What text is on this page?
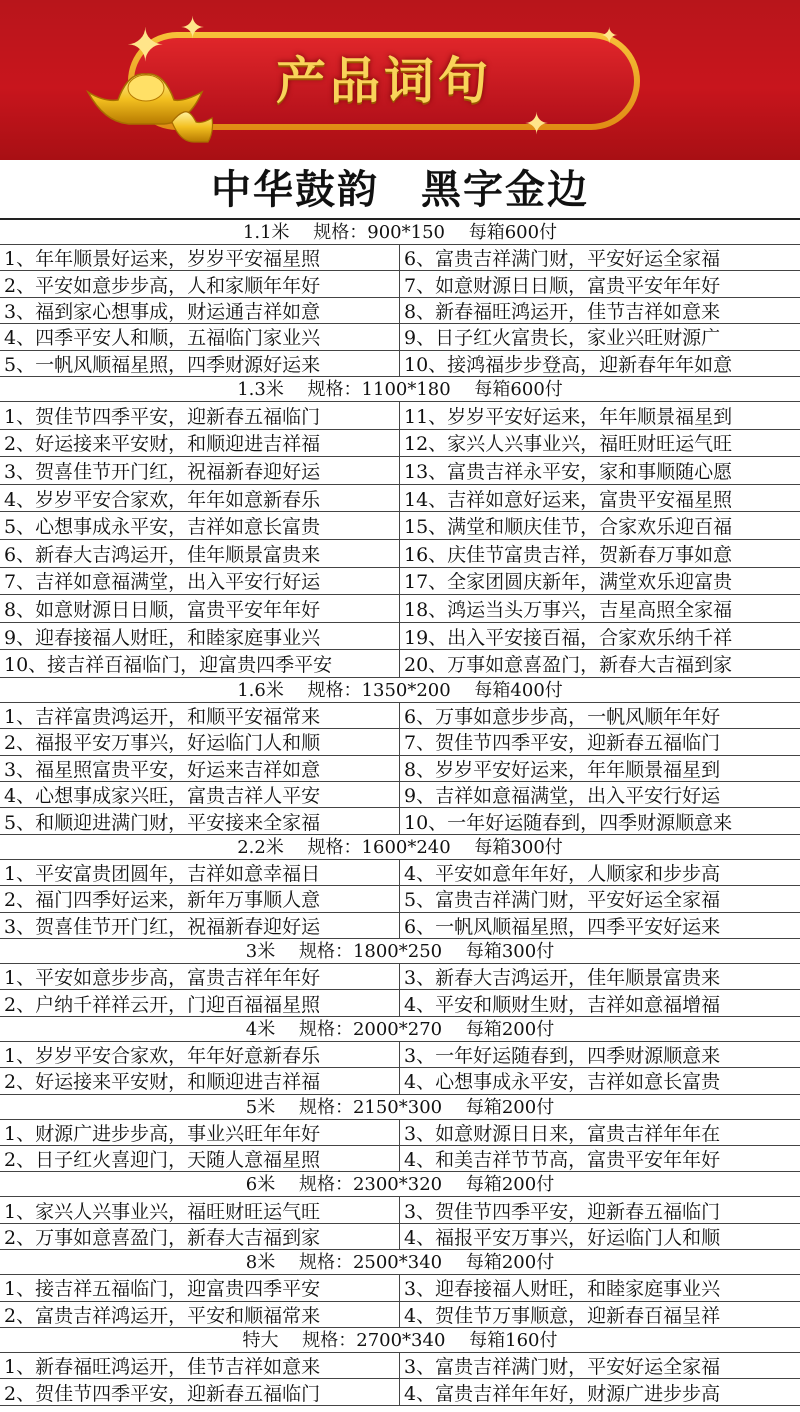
✦ ✦
✦
✦
产品词句
中华鼓韵　黑字金边
1.1米　 规格：900*150　 每箱600付
1、年年顺景好运来，岁岁平安福星照	6、富贵吉祥满门财，平安好运全家福
2、平安如意步步高，人和家顺年年好	7、如意财源日日顺，富贵平安年年好
3、福到家心想事成，财运通吉祥如意	8、新春福旺鸿运开，佳节吉祥如意来
4、四季平安人和顺，五福临门家业兴	9、日子红火富贵长，家业兴旺财源广
5、一帆风顺福星照，四季财源好运来	10、接鸿福步步登高，迎新春年年如意
1.3米　 规格：1100*180　 每箱600付
1、贺佳节四季平安，迎新春五福临门	11、岁岁平安好运来，年年顺景福星到
2、好运接来平安财，和顺迎进吉祥福	12、家兴人兴事业兴，福旺财旺运气旺
3、贺喜佳节开门红，祝福新春迎好运	13、富贵吉祥永平安，家和事顺随心愿
4、岁岁平安合家欢，年年如意新春乐	14、吉祥如意好运来，富贵平安福星照
5、心想事成永平安，吉祥如意长富贵	15、满堂和顺庆佳节，合家欢乐迎百福
6、新春大吉鸿运开，佳年顺景富贵来	16、庆佳节富贵吉祥，贺新春万事如意
7、吉祥如意福满堂，出入平安行好运	17、全家团圆庆新年，满堂欢乐迎富贵
8、如意财源日日顺，富贵平安年年好	18、鸿运当头万事兴，吉星高照全家福
9、迎春接福人财旺，和睦家庭事业兴	19、出入平安接百福，合家欢乐纳千祥
10、接吉祥百福临门，迎富贵四季平安	20、万事如意喜盈门，新春大吉福到家
1.6米　 规格：1350*200　 每箱400付
1、吉祥富贵鸿运开，和顺平安福常来	6、万事如意步步高，一帆风顺年年好
2、福报平安万事兴，好运临门人和顺	7、贺佳节四季平安，迎新春五福临门
3、福星照富贵平安，好运来吉祥如意	8、岁岁平安好运来，年年顺景福星到
4、心想事成家兴旺，富贵吉祥人平安	9、吉祥如意福满堂，出入平安行好运
5、和顺迎进满门财，平安接来全家福	10、一年好运随春到，四季财源顺意来
2.2米　 规格：1600*240　 每箱300付
1、平安富贵团圆年，吉祥如意幸福日	4、平安如意年年好，人顺家和步步高
2、福门四季好运来，新年万事顺人意	5、富贵吉祥满门财，平安好运全家福
3、贺喜佳节开门红，祝福新春迎好运	6、一帆风顺福星照，四季平安好运来
3米　 规格：1800*250　 每箱300付
1、平安如意步步高，富贵吉祥年年好	3、新春大吉鸿运开，佳年顺景富贵来
2、户纳千祥祥云开，门迎百福福星照	4、平安和顺财生财，吉祥如意福增福
4米　 规格：2000*270　 每箱200付
1、岁岁平安合家欢，年年好意新春乐	3、一年好运随春到，四季财源顺意来
2、好运接来平安财，和顺迎进吉祥福	4、心想事成永平安，吉祥如意长富贵
5米　 规格：2150*300　 每箱200付
1、财源广进步步高，事业兴旺年年好	3、如意财源日日来，富贵吉祥年年在
2、日子红火喜迎门，天随人意福星照	4、和美吉祥节节高，富贵平安年年好
6米　 规格：2300*320　 每箱200付
1、家兴人兴事业兴，福旺财旺运气旺	3、贺佳节四季平安，迎新春五福临门
2、万事如意喜盈门，新春大吉福到家	4、福报平安万事兴，好运临门人和顺
8米　 规格：2500*340　 每箱200付
1、接吉祥五福临门，迎富贵四季平安	3、迎春接福人财旺，和睦家庭事业兴
2、富贵吉祥鸿运开，平安和顺福常来	4、贺佳节万事顺意，迎新春百福呈祥
特大　 规格：2700*340　 每箱160付
1、新春福旺鸿运开，佳节吉祥如意来	3、富贵吉祥满门财，平安好运全家福
2、贺佳节四季平安，迎新春五福临门	4、富贵吉祥年年好，财源广进步步高
